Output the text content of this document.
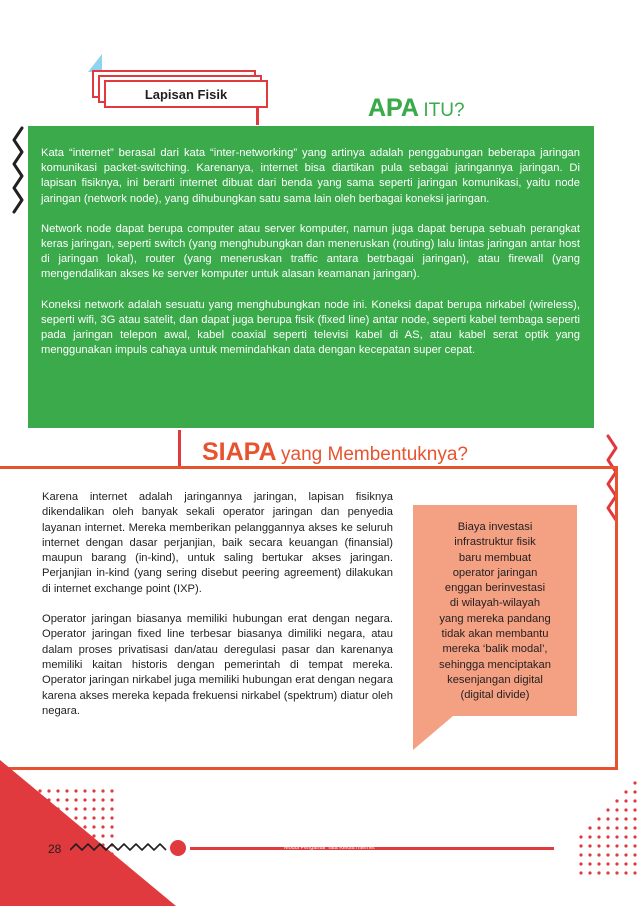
Lapisan Fisik	APA ITU?

Kata “internet” berasal dari kata “inter-networking” yang artinya adalah penggabungan beberapa jaringan komunikasi packet-switching. Karenanya, internet bisa diartikan pula sebagai jaringannya jaringan. Di lapisan fisiknya, ini berarti internet dibuat dari benda yang sama seperti jaringan komunikasi, yaitu node jaringan (network node), yang dihubungkan satu sama lain oleh berbagai koneksi jaringan.

Network node dapat berupa computer atau server komputer, namun juga dapat berupa sebuah perangkat keras jaringan, seperti switch (yang menghubungkan dan meneruskan (routing) lalu lintas jaringan antar host di jaringan lokal), router (yang meneruskan traffic antara betrbagai jaringan), atau firewall (yang mengendalikan akses ke server komputer untuk alasan keamanan jaringan).

Koneksi network adalah sesuatu yang menghubungkan node ini. Koneksi dapat berupa nirkabel (wireless), seperti wifi, 3G atau satelit, dan dapat juga berupa fisik (fixed line) antar node, seperti kabel tembaga seperti pada jaringan telepon awal, kabel coaxial seperti televisi kabel di AS, atau kabel serat optik yang menggunakan impuls cahaya untuk memindahkan data dengan kecepatan super cepat.

SIAPA yang Membentuknya?

Karena internet adalah jaringannya jaringan, lapisan fisiknya dikendalikan oleh banyak sekali operator jaringan dan penyedia layanan internet. Mereka memberikan pelanggannya akses ke seluruh internet dengan dasar perjanjian, baik secara keuangan (finansial) maupun barang (in-kind), untuk saling bertukar akses jaringan. Perjanjian in-kind (yang sering disebut peering agreement) dilakukan di internet exchange point (IXP).

Operator jaringan biasanya memiliki hubungan erat dengan negara. Operator jaringan fixed line terbesar biasanya dimiliki negara, atau dalam proses privatisasi dan/atau deregulasi pasar dan karenanya memiliki kaitan historis dengan pemerintah di tempat mereka. Operator jaringan nirkabel juga memiliki hubungan erat dengan negara karena akses mereka kepada frekuensi nirkabel (spektrum) diatur oleh negara.

Biaya investasi
infrastruktur fisik
baru membuat
operator jaringan
enggan berinvestasi
di wilayah-wilayah
yang mereka pandang
tidak akan membantu
mereka ‘balik modal’,
sehingga menciptakan
kesenjangan digital
(digital divide)
28	Modul Pengantar Tata Kelola Internet
